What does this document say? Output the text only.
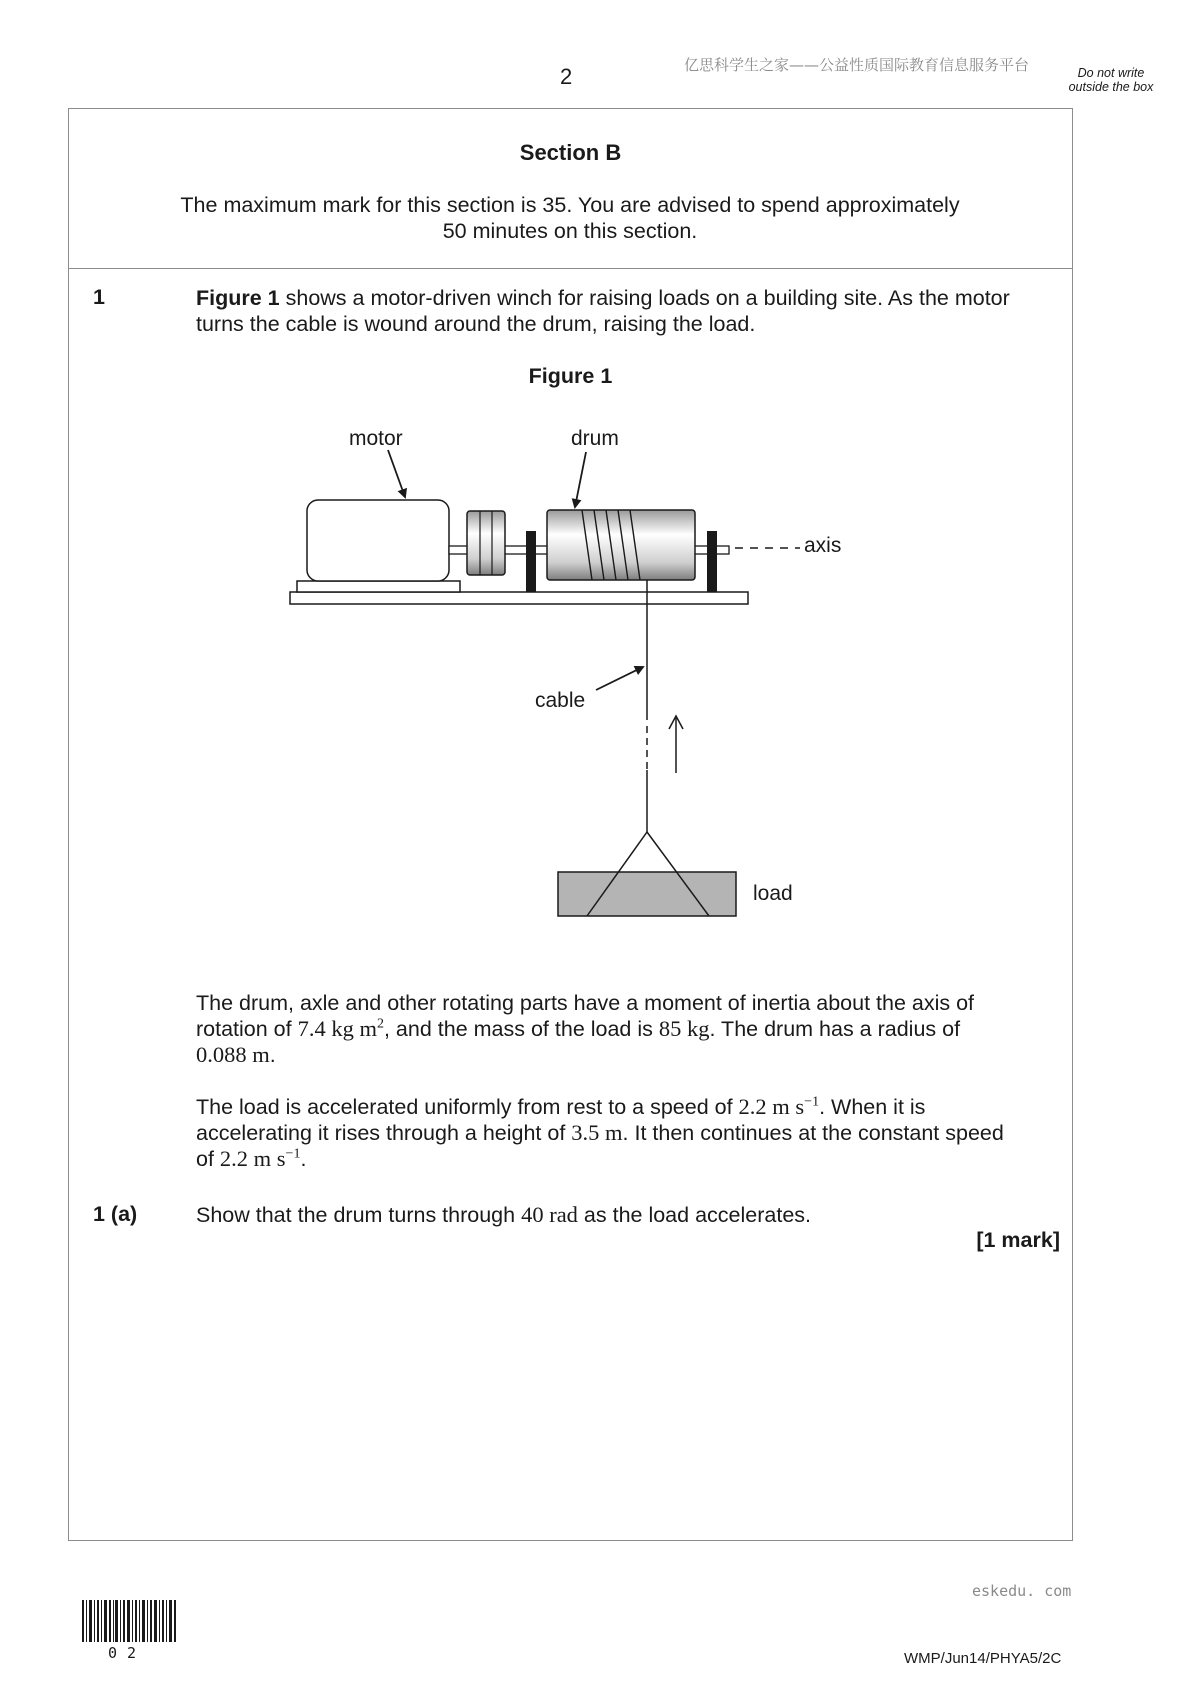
2	亿思科学生之家——公益性质国际教育信息服务平台	Do not write outside the box
Section B
The maximum mark for this section is 35. You are advised to spend approximately
50 minutes on this section.
1	Figure 1 shows a motor-driven winch for raising loads on a building site. As the motor
turns the cable is wound around the drum, raising the load.
Figure 1
motor	drum
axis
cable
load
The drum, axle and other rotating parts have a moment of inertia about the axis of
rotation of 7.4 kg $m^2$, and the mass of the load is 85 kg. The drum has a radius of
0.088 m.
The load is accelerated uniformly from rest to a speed of 2.2 m $s^{-1}$. When it is
accelerating it rises through a height of 3.5 m. It then continues at the constant speed
of 2.2 m $s^{-1}$.
1 (a)	Show that the drum turns through 40 rad as the load accelerates.
[1 mark]
eskedu. com
02	WMP/Jun14/PHYA5/2C
